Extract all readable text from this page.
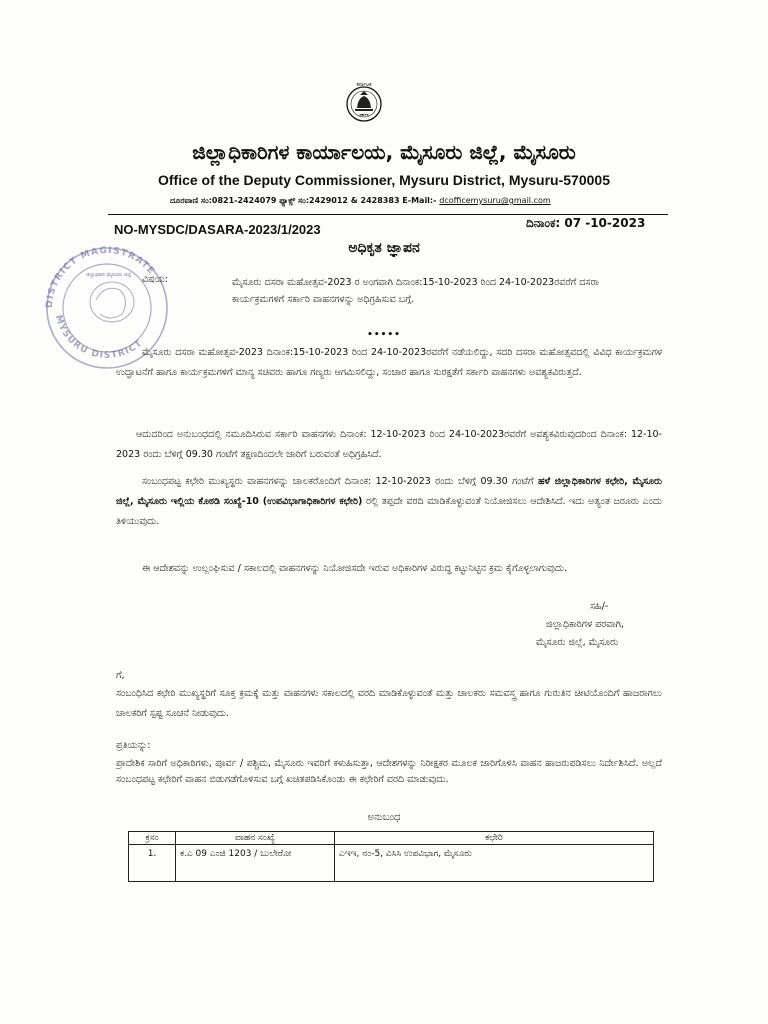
ಕರ್ನಾಟಕ
ಸರ್ಕಾರ
ಜಿಲ್ಲಾಧಿಕಾರಿಗಳ ಕಾರ್ಯಾಲಯ, ಮೈಸೂರು ಜಿಲ್ಲೆ, ಮೈಸೂರು
Office of the Deputy Commissioner, Mysuru District, Mysuru-570005
ದೂರವಾಣಿ ಸಂ:0821-2424079 ಫ್ಯಾಕ್ಸ್ ಸಂ:2429012 & 2428383 E-Mail:- dcofficemysuru@gmail.com
NO-MYSDC/DASARA-2023/1/2023	ದಿನಾಂಕ: 07 -10-2023
ಅಧಿಕೃತ ಜ್ಞಾಪನ
DISTRICT MAGISTRATE
MYSURU DISTRICT
ಜಿಲ್ಲಾಧಿಕಾರಿ ಮೈಸೂರು ಜಿಲ್ಲೆ ವಿಷಯ:	ಮೈಸೂರು ದಸರಾ ಮಹೋತ್ಸವ-2023 ರ ಅಂಗವಾಗಿ ದಿನಾಂಕ:15-10-2023 ರಿಂದ 24-10-2023ರವರೆಗೆ ದಸರಾ ಕಾರ್ಯಕ್ರಮಗಳಿಗೆ ಸರ್ಕಾರಿ ವಾಹನಗಳನ್ನು ಅಧಿಗ್ರಹಿಸುವ ಬಗ್ಗೆ.
•••••
ಮೈಸೂರು ದಸರಾ ಮಹೋತ್ಸವ-2023 ದಿನಾಂಕ:15-10-2023 ರಿಂದ 24-10-2023ರವರೆಗೆ ನಡೆಯಲಿದ್ದು, ಸದರಿ ದಸರಾ ಮಹೋತ್ಸವದಲ್ಲಿ ವಿವಿಧ ಕಾರ್ಯಕ್ರಮಗಳ ಉದ್ಘಾಟನೆಗೆ ಹಾಗೂ ಕಾರ್ಯಕ್ರಮಗಳಿಗೆ ಮಾನ್ಯ ಸಚಿವರು ಹಾಗೂ ಗಣ್ಯರು ಆಗಮಿಸಲಿದ್ದು, ಸಂಚಾರ ಹಾಗೂ ಸುರಕ್ಷತೆಗೆ ಸರ್ಕಾರಿ ವಾಹನಗಳು ಅವಶ್ಯಕವಿರುತ್ತದೆ.
ಆದುದರಿಂದ ಅನುಬಂಧದಲ್ಲಿ ನಮೂದಿಸಿರುವ ಸರ್ಕಾರಿ ವಾಹನಗಳು ದಿನಾಂಕ: 12-10-2023 ರಿಂದ 24-10-2023ರವರೆಗೆ ಅವಶ್ಯಕವಿರುವುದರಿಂದ ದಿನಾಂಕ: 12-10-2023 ರಂದು ಬೆಳಿಗ್ಗೆ 09.30 ಗಂಟೆಗೆ ತಕ್ಷಣದಿಂದಲೇ ಜಾರಿಗೆ ಬರುವಂತೆ ಅಧಿಗ್ರಹಿಸಿದೆ.
ಸಂಬಂಧಪಟ್ಟ ಕಛೇರಿ ಮುಖ್ಯಸ್ಥರು ವಾಹನಗಳನ್ನು ಚಾಲಕರೊಂದಿಗೆ ದಿನಾಂಕ: 12-10-2023 ರಂದು ಬೆಳಿಗ್ಗೆ 09.30 ಗಂಟೆಗೆ ಹಳೆ ಜಿಲ್ಲಾಧಿಕಾರಿಗಳ ಕಛೇರಿ, ಮೈಸೂರು ಜಿಲ್ಲೆ, ಮೈಸೂರು ಇಲ್ಲಿಯ ಕೊಠಡಿ ಸಂಖ್ಯೆ-10 (ಉಪವಿಭಾಗಾಧಿಕಾರಿಗಳ ಕಛೇರಿ) ರಲ್ಲಿ ತಪ್ಪದೇ ವರದಿ ಮಾಡಿಕೊಳ್ಳುವಂತೆ ನಿಯೋಜಿಸಲು ಆದೇಶಿಸಿದೆ. ಇದು ಅತ್ಯಂತ ಜರೂರು ಎಂದು ತಿಳಿಯುವುದು.
ಈ ಆದೇಶವನ್ನು ಉಲ್ಲಂಘಿಸುವ / ಸಕಾಲದಲ್ಲಿ ವಾಹನಗಳನ್ನು ನಿಯೋಜಿಸದೇ ಇರುವ ಅಧಿಕಾರಿಗಳ ವಿರುದ್ಧ ಕಟ್ಟುನಿಟ್ಟಿನ ಕ್ರಮ ಕೈಗೊಳ್ಳಲಾಗುವುದು.
ಸಹಿ/-
ಜಿಲ್ಲಾಧಿಕಾರಿಗಳ ಪರವಾಗಿ,
ಮೈಸೂರು ಜಿಲ್ಲೆ, ಮೈಸೂರು
ಗೆ,
ಸಂಬಂಧಿಸಿದ ಕಛೇರಿ ಮುಖ್ಯಸ್ಥರಿಗೆ ಸೂಕ್ತ ಕ್ರಮಕ್ಕೆ ಮತ್ತು ವಾಹನಗಳು ಸಕಾಲದಲ್ಲಿ ವರದಿ ಮಾಡಿಕೊಳ್ಳುವಂತೆ ಮತ್ತು ಚಾಲಕರು ಸಮವಸ್ತ್ರ ಹಾಗೂ ಗುರುತಿನ ಚೀಟಿಯೊಂದಿಗೆ ಹಾಜರಾಗಲು ಚಾಲಕರಿಗೆ ಸ್ಪಷ್ಟ ಸೂಚನೆ ನೀಡುವುದು.
ಪ್ರತಿಯನ್ನು:
ಪ್ರಾದೇಶಿಕ ಸಾರಿಗೆ ಅಧಿಕಾರಿಗಳು, ಪೂರ್ವ / ಪಶ್ಚಿಮ, ಮೈಸೂರು ಇವರಿಗೆ ಕಳುಹಿಸುತ್ತಾ, ಆದೇಶಗಳನ್ನು ನಿರೀಕ್ಷಕರ ಮೂಲಕ ಜಾರಿಗೊಳಿಸಿ ವಾಹನ ಹಾಜರುಪಡಿಸಲು ನಿರ್ದೇಶಿಸಿದೆ. ಅಲ್ಲದೆ ಸಂಬಂಧಪಟ್ಟ ಕಛೇರಿಗೆ ವಾಹನ ಬಿಡುಗಡೆಗೊಳಿಸುವ ಬಗ್ಗೆ ಖಚಿತಪಡಿಸಿಕೊಂಡು ಈ ಕಛೇರಿಗೆ ವರದಿ ಮಾಡುವುದು.
ಅನುಬಂಧ
ಕ್ರಸಂ	ವಾಹನ ಸಂಖ್ಯೆ	ಕಛೇರಿ
1.	ಕ.ಎ 09 ಎಂಜಿ 1203 / ಬುಲೇರೋ	ಎಇಇ, ನಂ-5, ವಿಸಿಸಿ ಉಪವಿಭಾಗ, ಮೈಸೂರು
